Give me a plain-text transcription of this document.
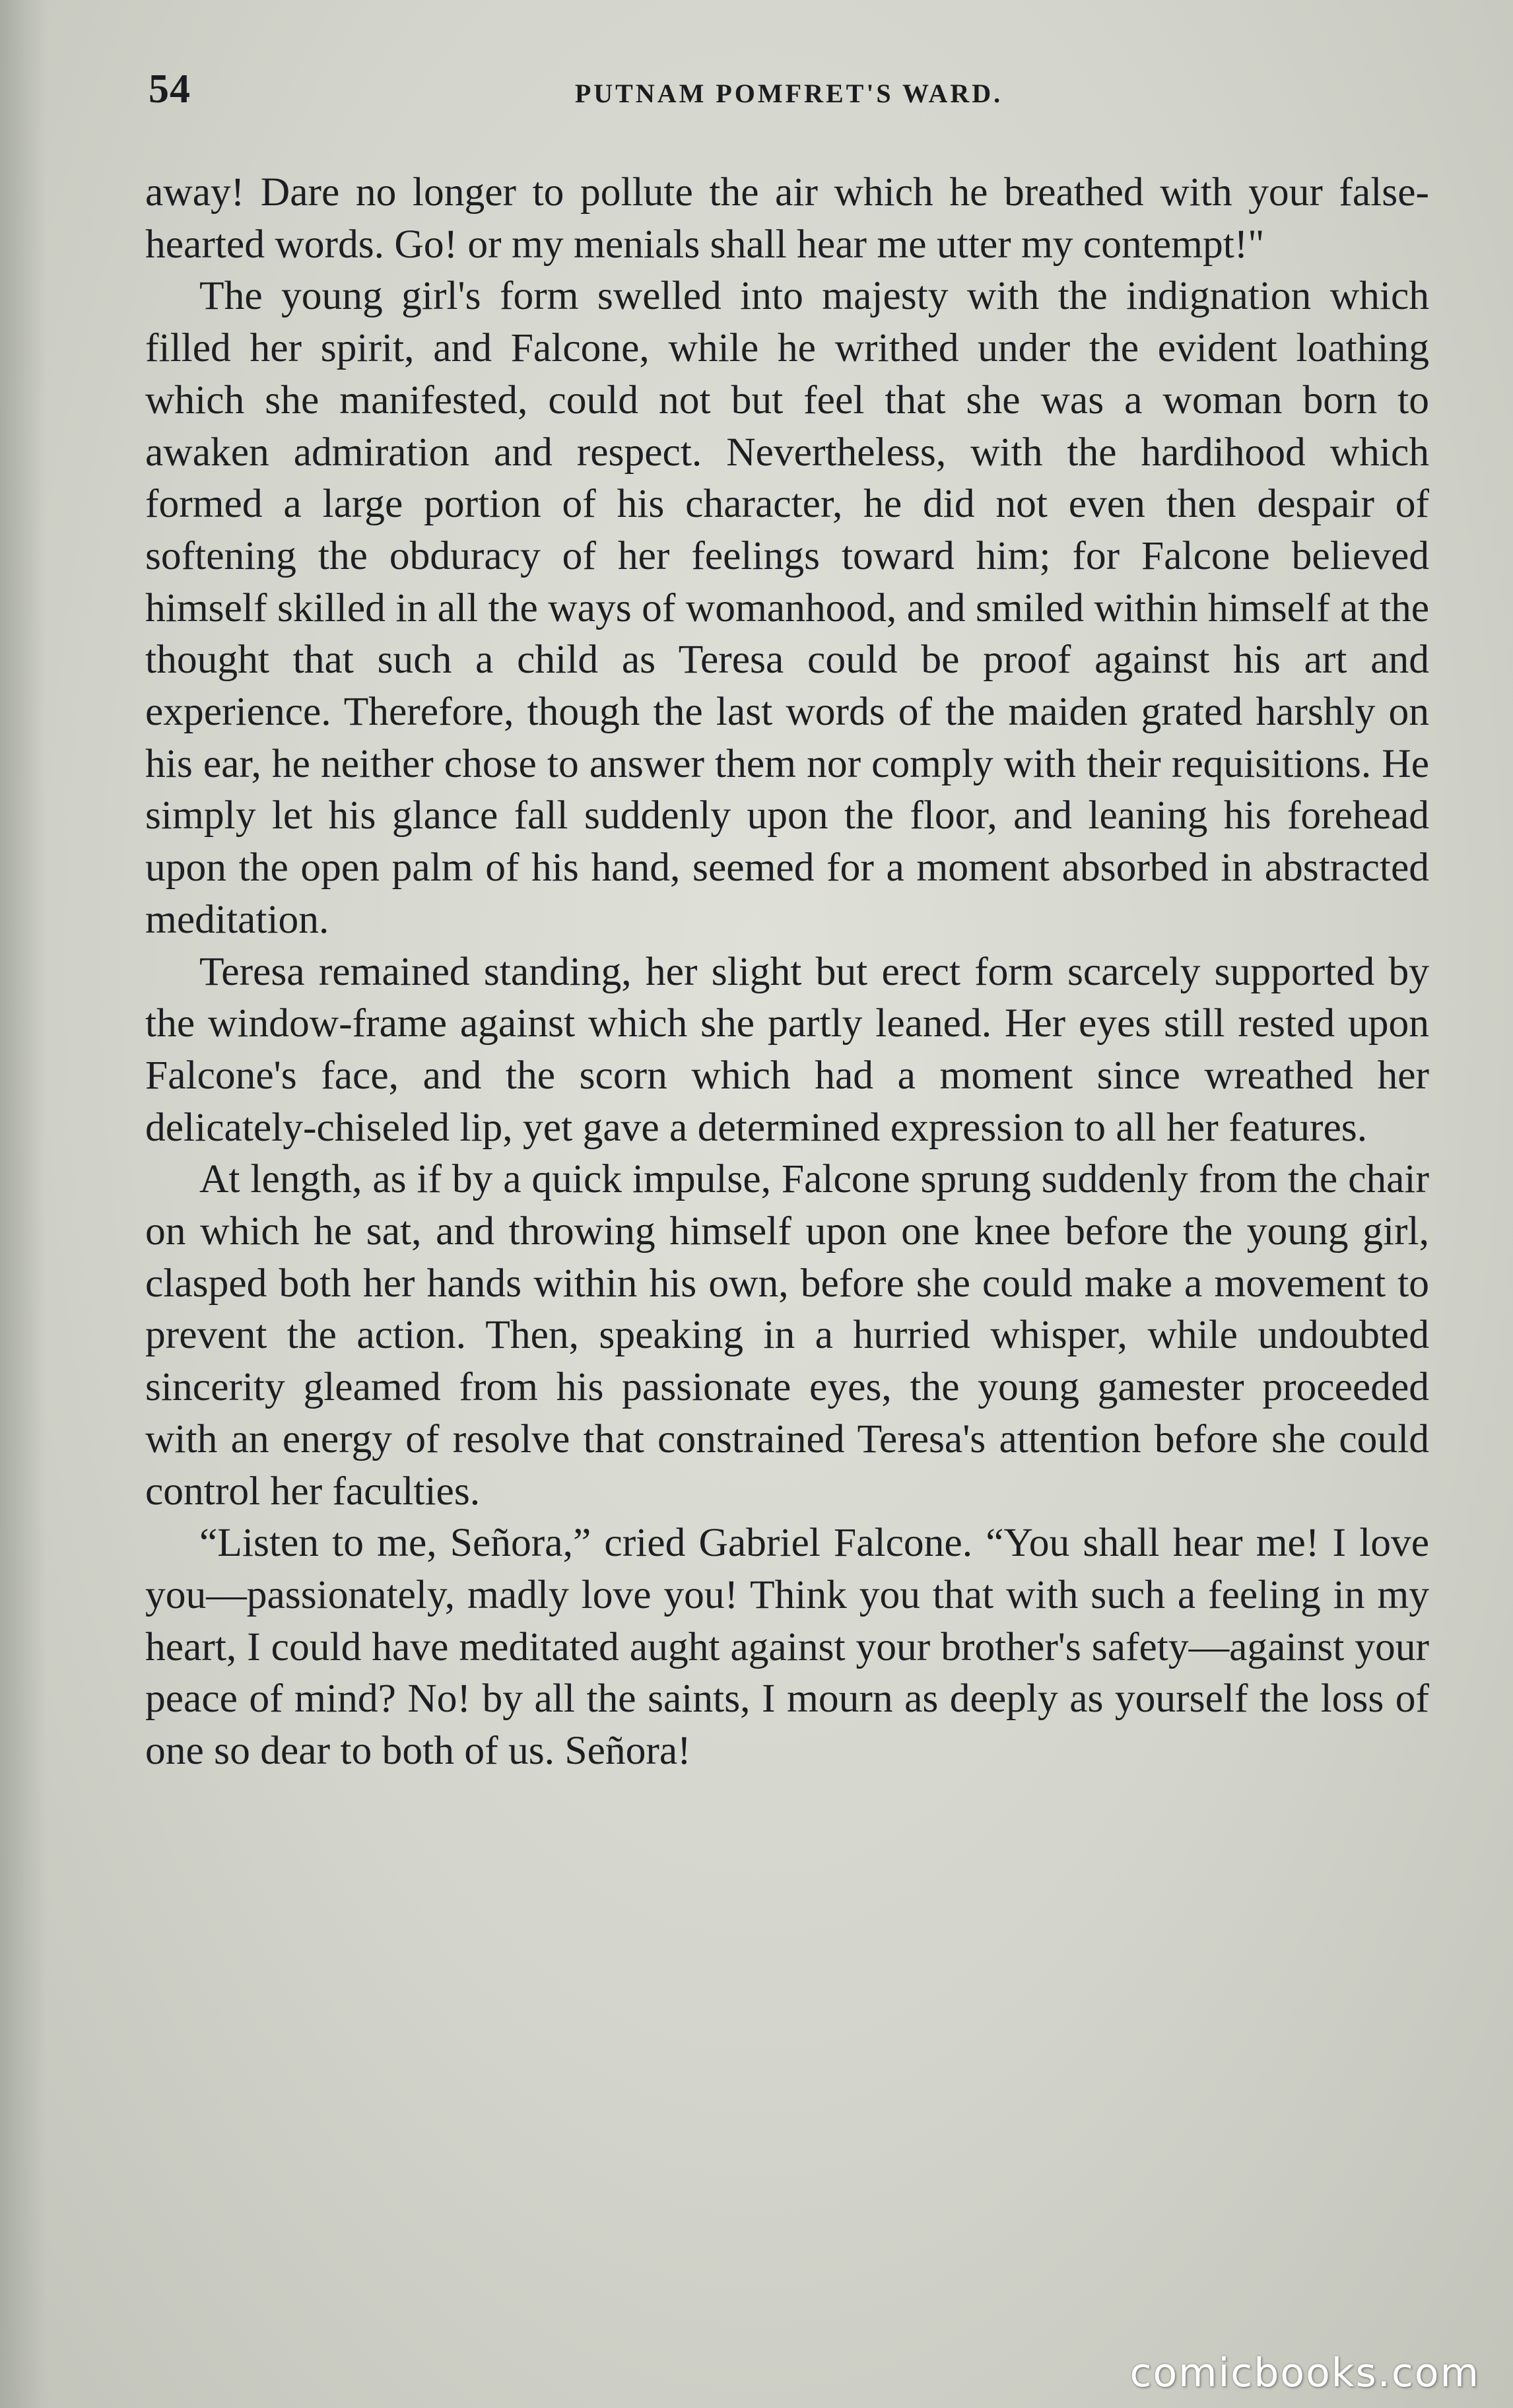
54	PUTNAM POMFRET'S WARD.

away! Dare no longer to pollute the air which he breathed with your false-hearted words. Go! or my menials shall hear me utter my contempt!"

The young girl's form swelled into majesty with the indignation which filled her spirit, and Falcone, while he writhed under the evident loathing which she manifested, could not but feel that she was a woman born to awaken admiration and respect. Nevertheless, with the hardihood which formed a large portion of his character, he did not even then despair of softening the obduracy of her feelings toward him; for Falcone believed himself skilled in all the ways of womanhood, and smiled within himself at the thought that such a child as Teresa could be proof against his art and experience. Therefore, though the last words of the maiden grated harshly on his ear, he neither chose to answer them nor comply with their requisitions. He simply let his glance fall suddenly upon the floor, and leaning his forehead upon the open palm of his hand, seemed for a moment absorbed in abstracted meditation.

Teresa remained standing, her slight but erect form scarcely supported by the window-frame against which she partly leaned. Her eyes still rested upon Falcone's face, and the scorn which had a moment since wreathed her delicately-chiseled lip, yet gave a determined expression to all her features.

At length, as if by a quick impulse, Falcone sprung suddenly from the chair on which he sat, and throwing himself upon one knee before the young girl, clasped both her hands within his own, before she could make a movement to prevent the action. Then, speaking in a hurried whisper, while undoubted sincerity gleamed from his passionate eyes, the young gamester proceeded with an energy of resolve that constrained Teresa's attention before she could control her faculties.

“Listen to me, Señora,” cried Gabriel Falcone. “You shall hear me! I love you—passionately, madly love you! Think you that with such a feeling in my heart, I could have meditated aught against your brother's safety—against your peace of mind? No! by all the saints, I mourn as deeply as yourself the loss of one so dear to both of us. Señora!

comicbooks.com
